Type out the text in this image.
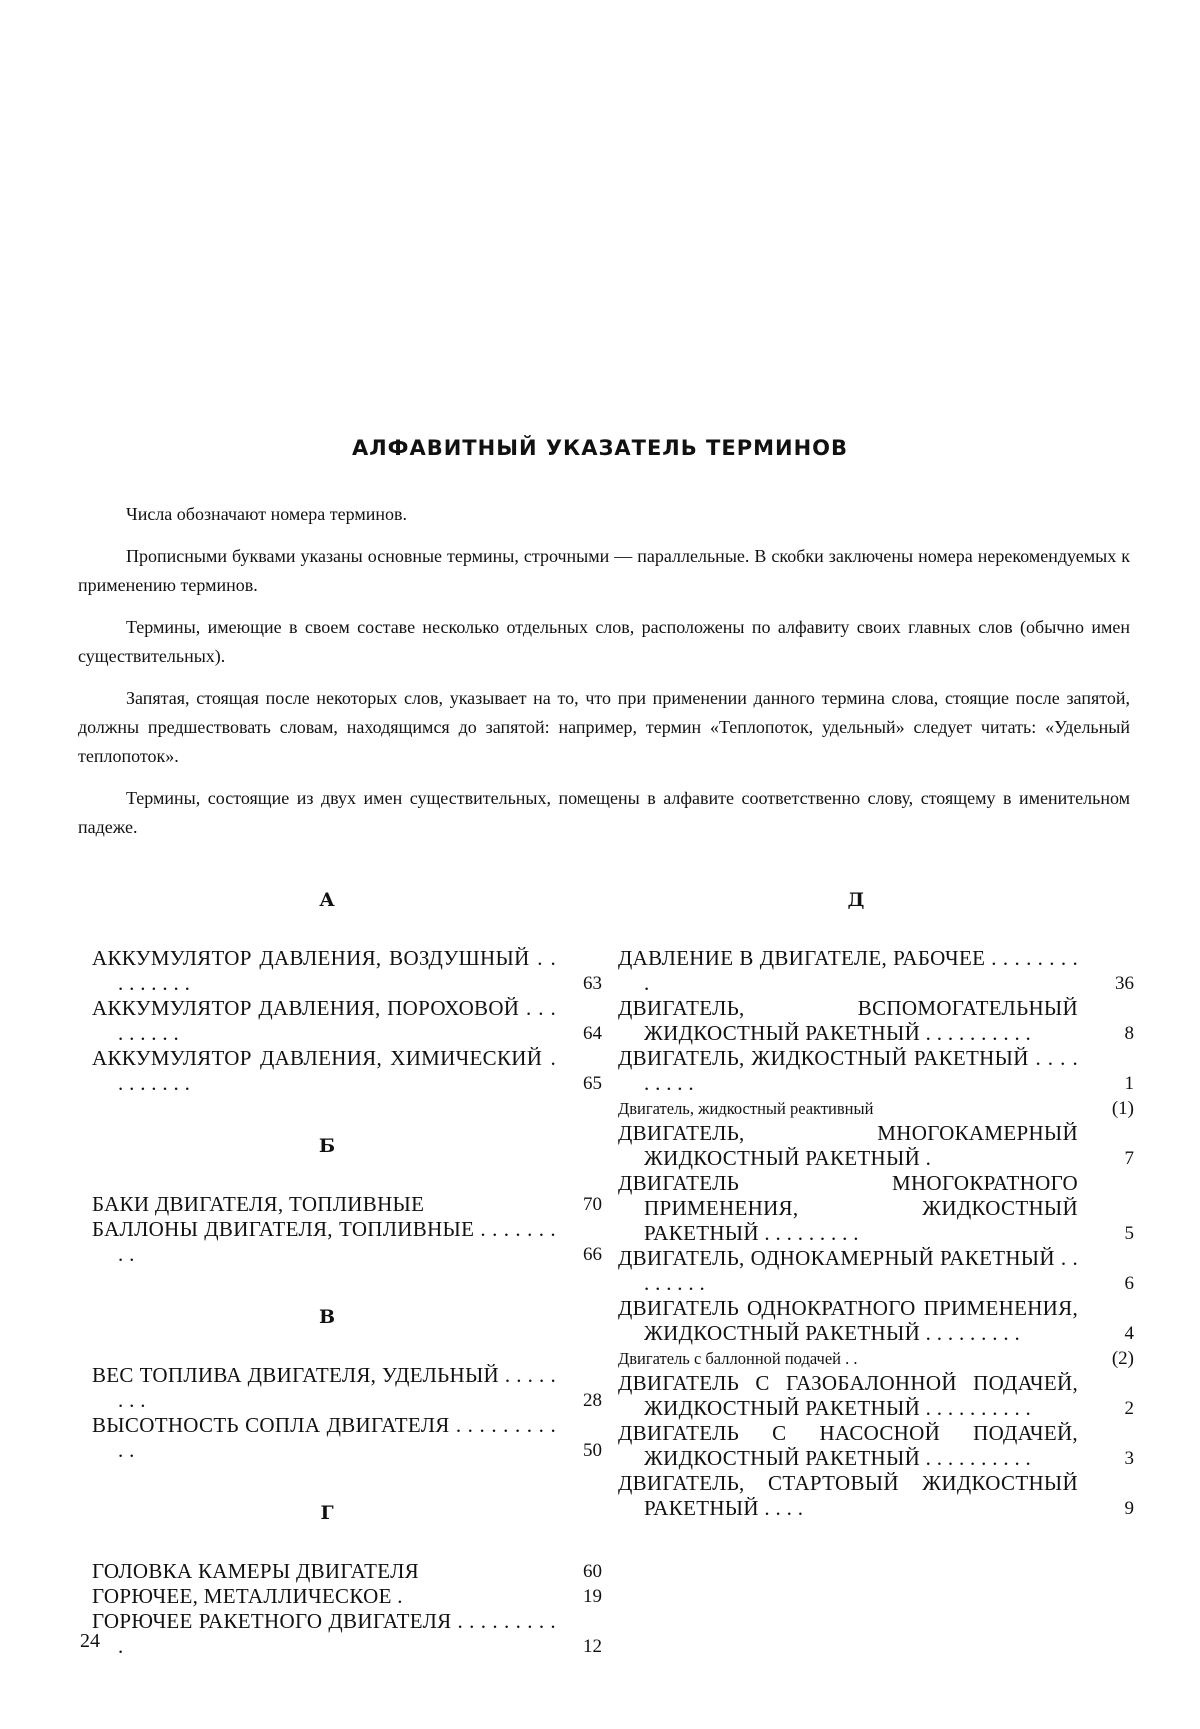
АЛФАВИТНЫЙ УКАЗАТЕЛЬ ТЕРМИНОВ

Числа обозначают номера терминов.

Прописными буквами указаны основные термины, строчными — параллельные. В скобки заключены номера нерекомендуемых к применению терминов.

Термины, имеющие в своем составе несколько отдельных слов, расположены по алфавиту своих главных слов (обычно имен существительных).

Запятая, стоящая после некоторых слов, указывает на то, что при применении данного термина слова, стоящие после запятой, должны предшествовать словам, находящимся до запятой: например, термин «Теплопоток, удельный» следует читать: «Удельный теплопоток».

Термины, состоящие из двух имен существительных, помещены в алфавите соответственно слову, стоящему в именительном падеже.

А
АККУМУЛЯТОР ДАВЛЕНИЯ, ВОЗДУШНЫЙ . . . . . . . . .	63
АККУМУЛЯТОР ДАВЛЕНИЯ, ПОРОХОВОЙ . . . . . . . . .	64
АККУМУЛЯТОР ДАВЛЕНИЯ, ХИМИЧЕСКИЙ . . . . . . . .	65
Б
БАКИ ДВИГАТЕЛЯ, ТОПЛИВНЫЕ	70
БАЛЛОНЫ ДВИГАТЕЛЯ, ТОПЛИВНЫЕ . . . . . . . . .	66
В
ВЕС ТОПЛИВА ДВИГАТЕЛЯ, УДЕЛЬНЫЙ . . . . . . . .	28
ВЫСОТНОСТЬ СОПЛА ДВИГАТЕЛЯ . . . . . . . . . . .	50
Г
ГОЛОВКА КАМЕРЫ ДВИГАТЕЛЯ	60
ГОРЮЧЕЕ, МЕТАЛЛИЧЕСКОЕ .	19
ГОРЮЧЕЕ РАКЕТНОГО ДВИГАТЕЛЯ . . . . . . . . . .	12
Д
ДАВЛЕНИЕ В ДВИГАТЕЛЕ, РАБОЧЕЕ . . . . . . . . .	36
ДВИГАТЕЛЬ, ВСПОМОГАТЕЛЬНЫЙ ЖИДКОСТНЫЙ РАКЕТНЫЙ . . . . . . . . . .	8
ДВИГАТЕЛЬ, ЖИДКОСТНЫЙ РАКЕТНЫЙ . . . . . . . . .	1
Двигатель, жидкостный реактивный	(1)
ДВИГАТЕЛЬ, МНОГОКАМЕРНЫЙ ЖИДКОСТНЫЙ РАКЕТНЫЙ .	7
ДВИГАТЕЛЬ МНОГОКРАТНОГО ПРИМЕНЕНИЯ, ЖИДКОСТНЫЙ РАКЕТНЫЙ . . . . . . . . .	5
ДВИГАТЕЛЬ, ОДНОКАМЕРНЫЙ РАКЕТНЫЙ . . . . . . . .	6
ДВИГАТЕЛЬ ОДНОКРАТНОГО ПРИМЕНЕНИЯ, ЖИДКОСТНЫЙ РАКЕТНЫЙ . . . . . . . . .	4
Двигатель с баллонной подачей . .	(2)
ДВИГАТЕЛЬ С ГАЗОБАЛОННОЙ ПОДАЧЕЙ, ЖИДКОСТНЫЙ РАКЕТНЫЙ . . . . . . . . . .	2
ДВИГАТЕЛЬ С НАСОСНОЙ ПОДАЧЕЙ, ЖИДКОСТНЫЙ РАКЕТНЫЙ . . . . . . . . . .	3
ДВИГАТЕЛЬ, СТАРТОВЫЙ ЖИДКОСТНЫЙ РАКЕТНЫЙ . . . .	9
24
